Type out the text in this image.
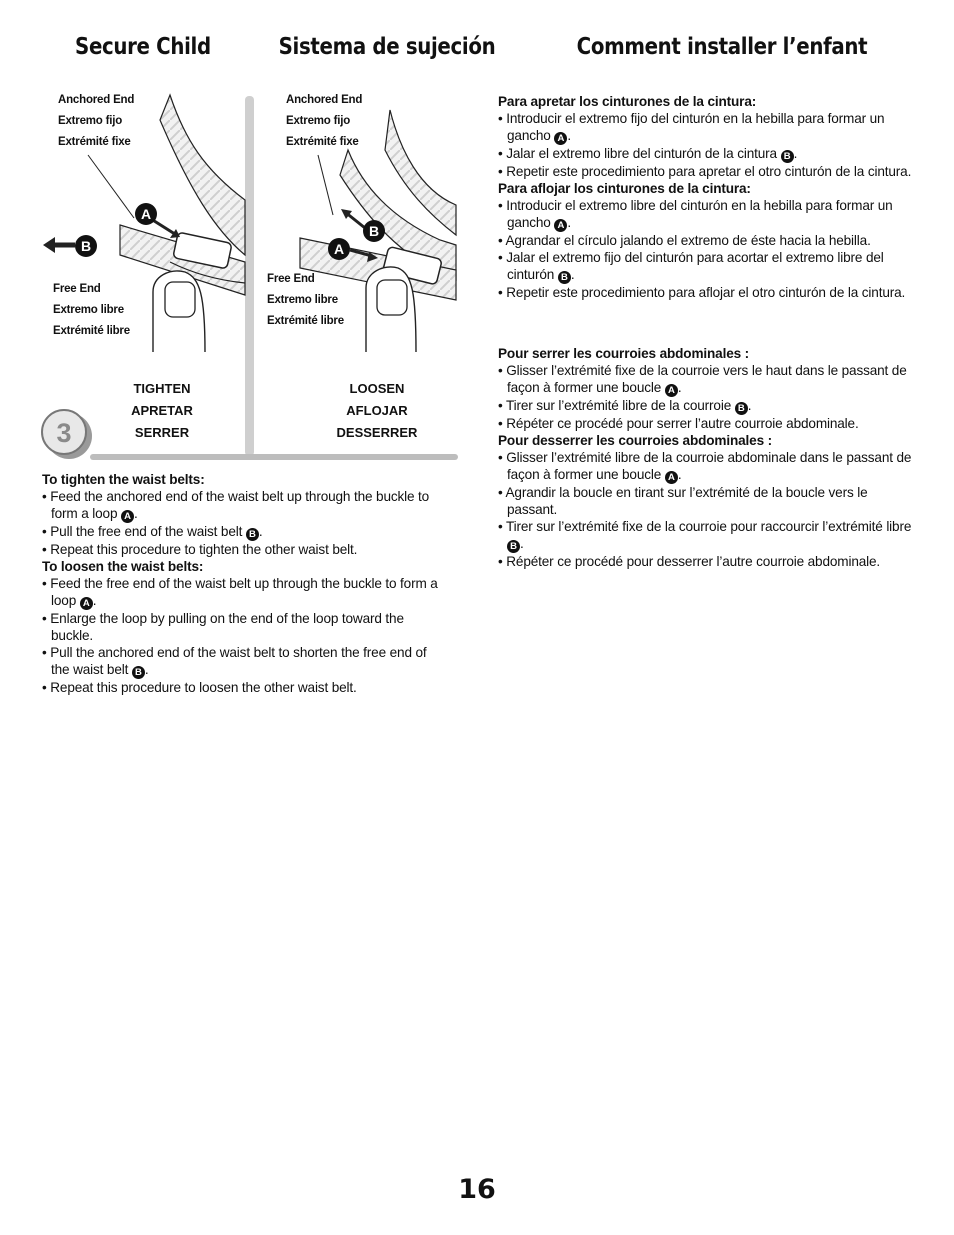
Secure Child	Sistema de sujeción	Comment installer l’enfant
3
A
B
B
A
Anchored End
Extremo fijo
Extrémité fixe
Free End
Extremo libre
Extrémité libre
TIGHTEN
APRETAR
SERRER
Anchored End
Extremo fijo
Extrémité fixe
Free End
Extremo libre
Extrémité libre
LOOSEN
AFLOJAR
DESSERRER
To tighten the waist belts:
• Feed the anchored end of the waist belt up through the buckle to form a loop A .
• Pull the free end of the waist belt B .
• Repeat this procedure to tighten the other waist belt.
To loosen the waist belts:
• Feed the free end of the waist belt up through the buckle to form a loop A .
• Enlarge the loop by pulling on the end of the loop toward the buckle.
• Pull the anchored end of the waist belt to shorten the free end of the waist belt B .
• Repeat this procedure to loosen the other waist belt.
Para apretar los cinturones de la cintura:
• Introducir el extremo fijo del cinturón en la hebilla para formar un gancho A .
• Jalar el extremo libre del cinturón de la cintura B .
• Repetir este procedimiento para apretar el otro cinturón de la cintura.
Para aflojar los cinturones de la cintura:
• Introducir el extremo libre del cinturón en la hebilla para formar un gancho A .
• Agrandar el círculo jalando el extremo de éste hacia la hebilla.
• Jalar el extremo fijo del cinturón para acortar el extremo libre del cinturón B .
• Repetir este procedimiento para aflojar el otro cinturón de la cintura.
Pour serrer les courroies abdominales :
• Glisser l’extrémité fixe de la courroie vers le haut dans le passant de façon à former une boucle A .
• Tirer sur l’extrémité libre de la courroie B .
• Répéter ce procédé pour serrer l’autre courroie abdominale.
Pour desserrer les courroies abdominales :
• Glisser l’extrémité libre de la courroie abdominale dans le passant de façon à former une boucle A .
• Agrandir la boucle en tirant sur l’extrémité de la boucle vers le passant.
• Tirer sur l’extrémité fixe de la courroie pour raccourcir l’extrémité libre B .
• Répéter ce procédé pour desserrer l’autre courroie abdominale.
16
